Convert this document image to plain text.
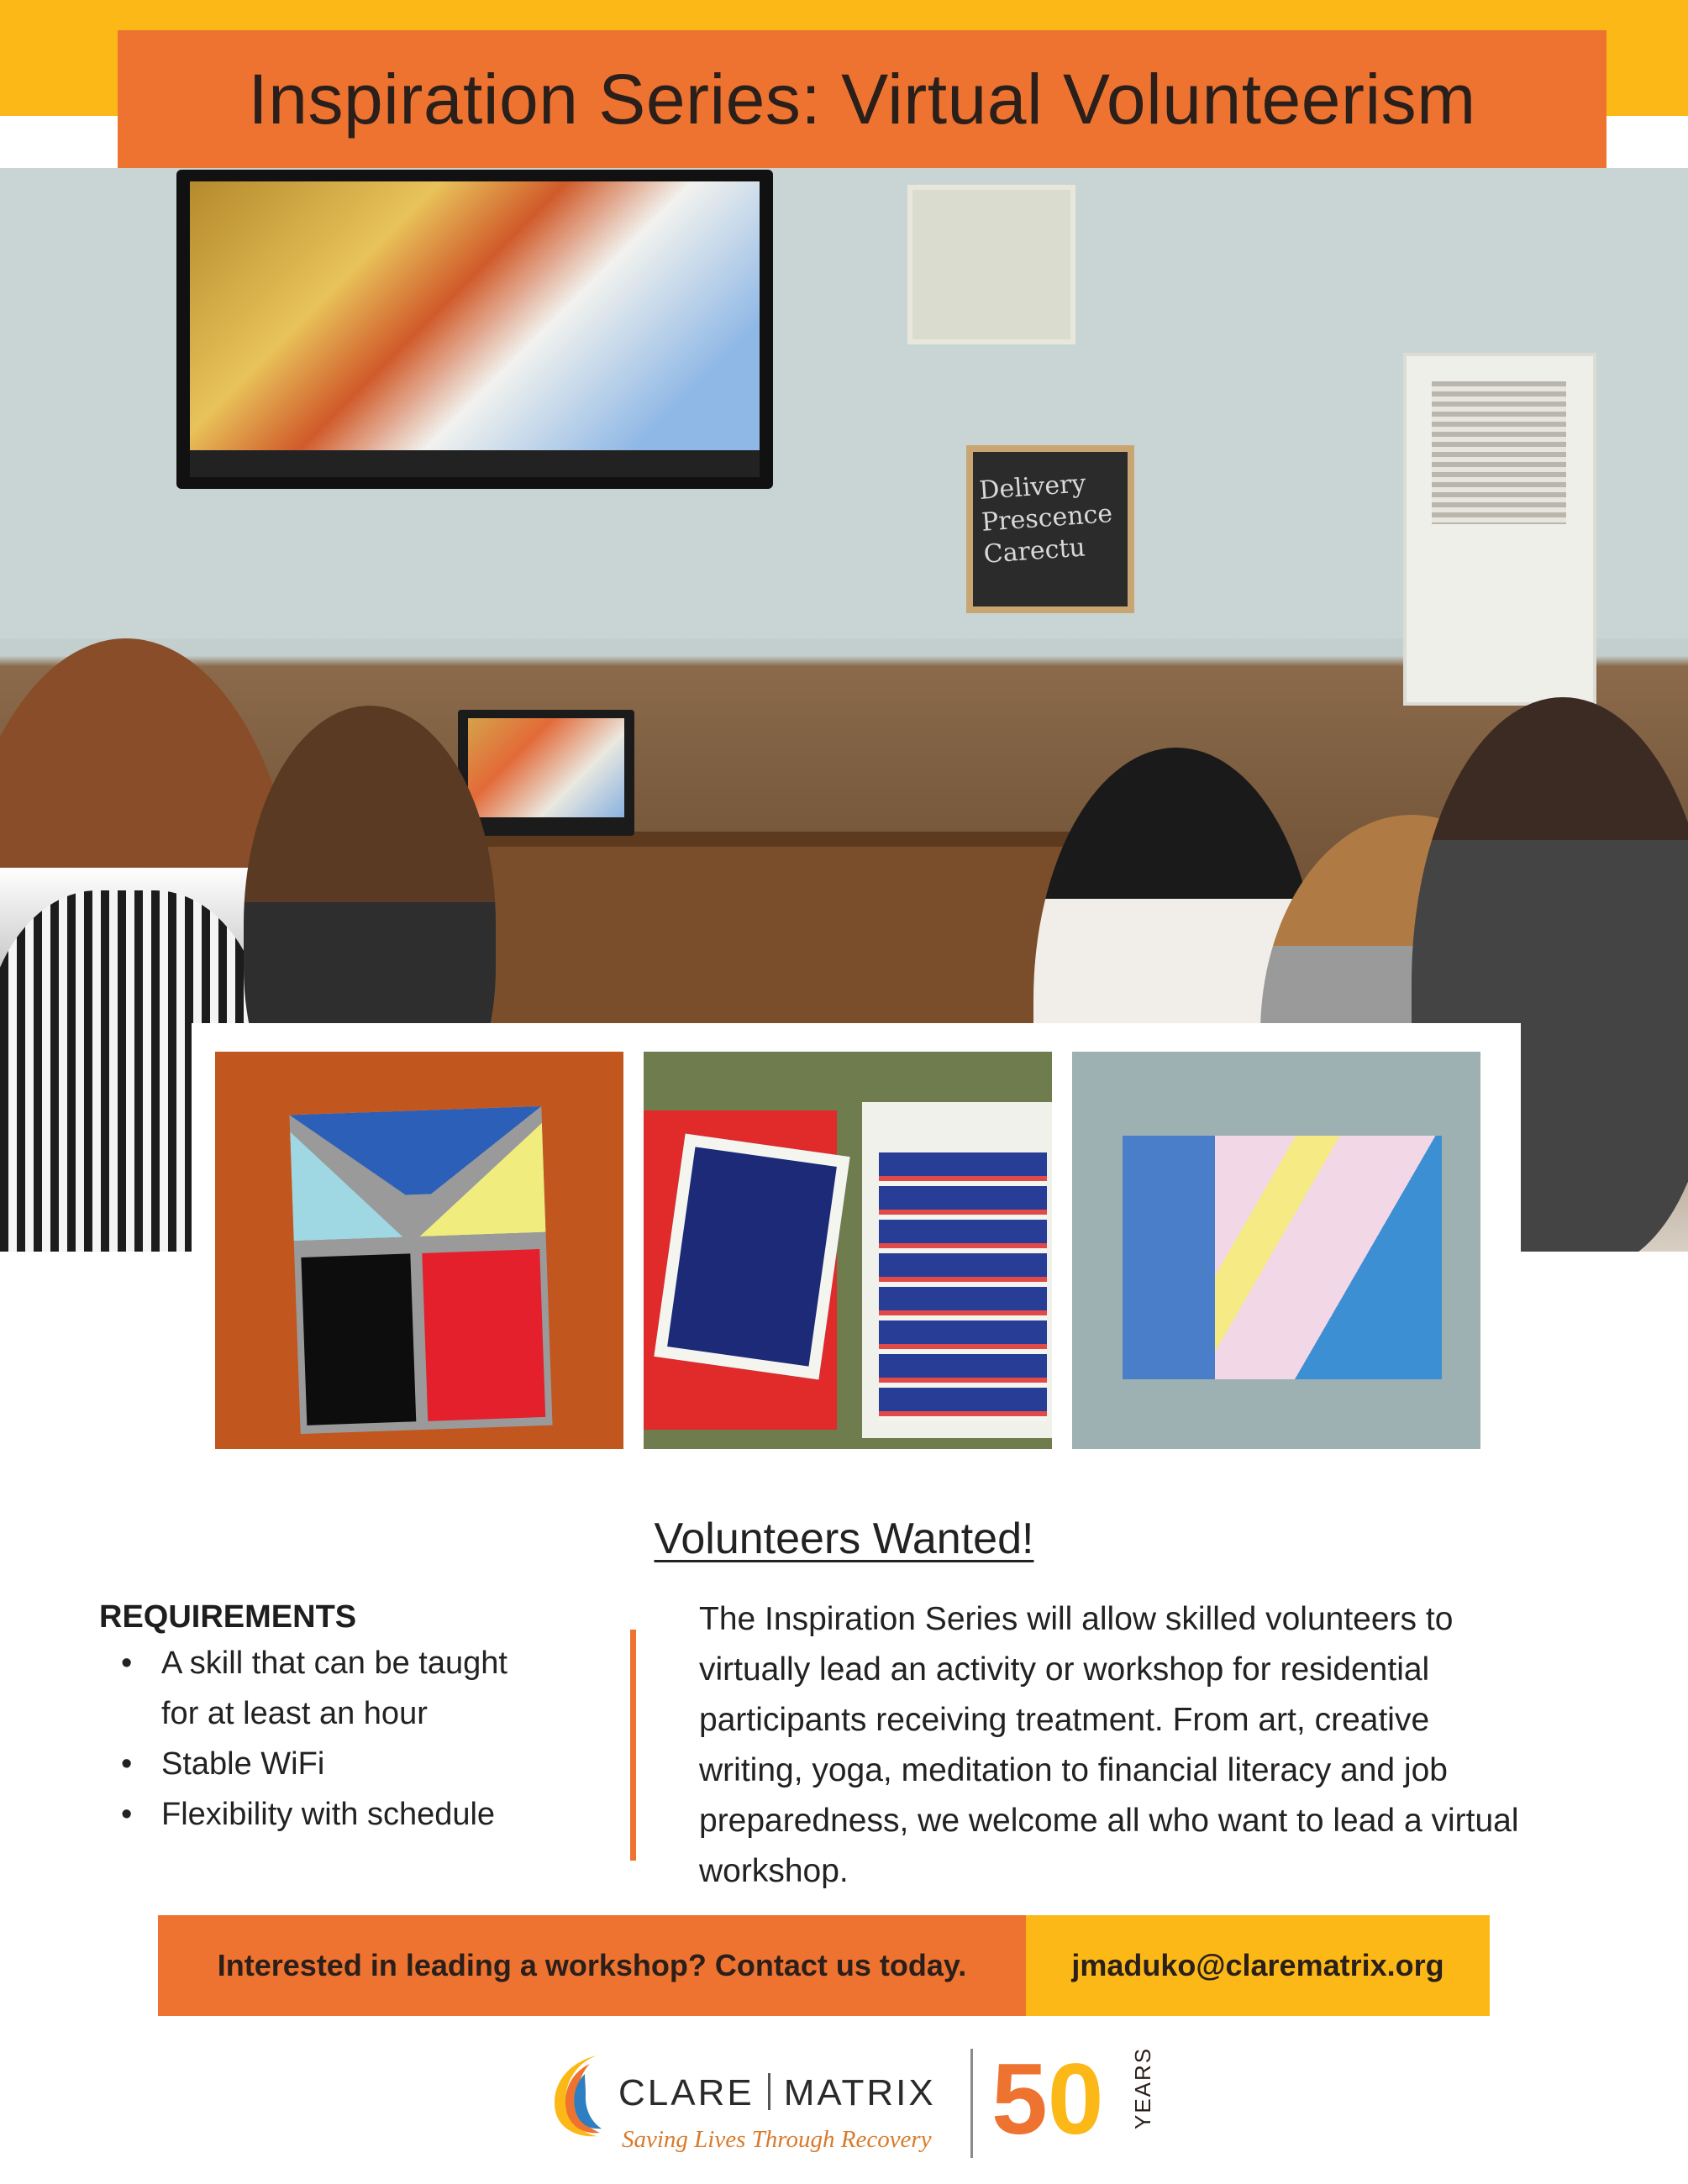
Inspiration Series: Virtual Volunteerism
Delivery Prescence Carectu
Volunteers Wanted!
REQUIREMENTS
• A skill that can be taught
for at least an hour
• Stable WiFi
• Flexibility with schedule

The Inspiration Series will allow skilled volunteers to virtually lead an activity or workshop for residential participants receiving treatment. From art, creative writing, yoga, meditation to financial literacy and job preparedness, we welcome all who want to lead a virtual workshop.

Interested in leading a workshop? Contact us today.	jmaduko@clarematrix.org
CLARE MATRIX
Saving Lives Through Recovery 50 YEARS
